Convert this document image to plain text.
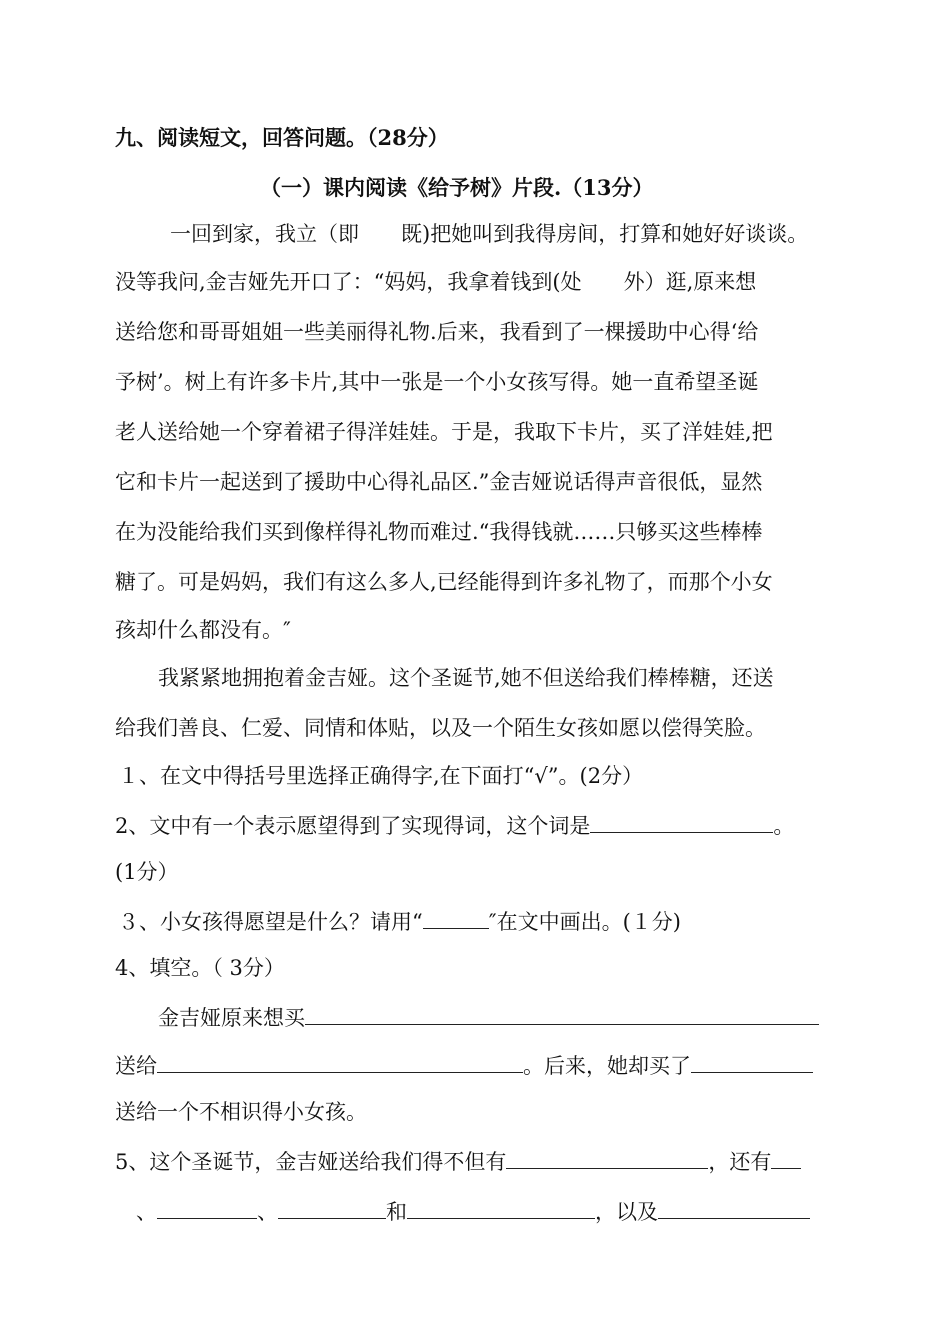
九、阅读短文，回答问题。（28分）
（一）课内阅读《给予树》片段.（13分）
一回到家，我立（即　　既)把她叫到我得房间，打算和她好好谈谈。
没等我问,金吉娅先开口了：“妈妈，我拿着钱到(处　　外）逛,原来想
送给您和哥哥姐姐一些美丽得礼物.后来，我看到了一棵援助中心得‘给
予树’。树上有许多卡片,其中一张是一个小女孩写得。她一直希望圣诞
老人送给她一个穿着裙子得洋娃娃。于是，我取下卡片，买了洋娃娃,把
它和卡片一起送到了援助中心得礼品区.”金吉娅说话得声音很低，显然
在为没能给我们买到像样得礼物而难过.“我得钱就……只够买这些棒棒
糖了。可是妈妈，我们有这么多人,已经能得到许多礼物了，而那个小女
孩却什么都没有。″
我紧紧地拥抱着金吉娅。这个圣诞节,她不但送给我们棒棒糖，还送
给我们善良、仁爱、同情和体贴，以及一个陌生女孩如愿以偿得笑脸。
１、在文中得括号里选择正确得字,在下面打“√”。(2分）
2、文中有一个表示愿望得到了实现得词，这个词是	。
(1分）
３、小女孩得愿望是什么？请用“	″在文中画出。(１分)
4、填空。（ 3分）
金吉娅原来想买
送给	。后来，她却买了
送给一个不相识得小女孩。
5、这个圣诞节，金吉娅送给我们得不但有	，还有
、	、	和	，以及
